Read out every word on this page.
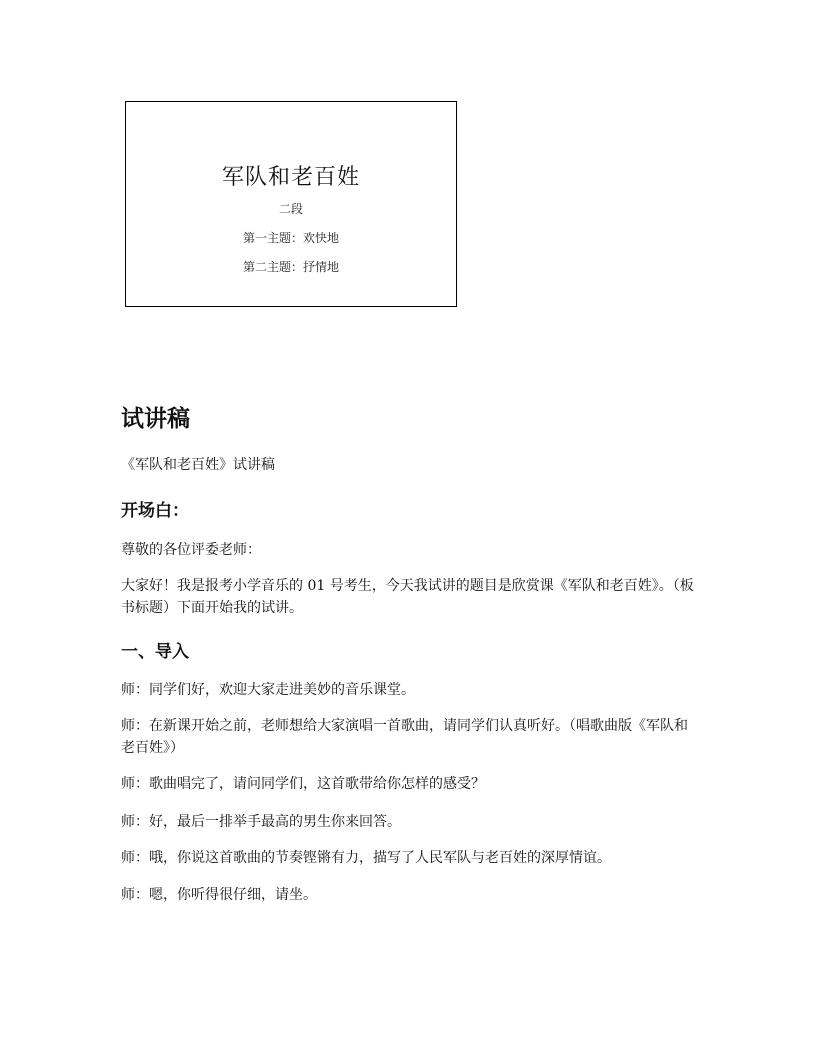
军队和老百姓
二段
第一主题：欢快地
第二主题：抒情地
试讲稿
《军队和老百姓》试讲稿
开场白：
尊敬的各位评委老师：
大家好！我是报考小学音乐的 01 号考生，今天我试讲的题目是欣赏课《军队和老百姓》。（板书标题）下面开始我的试讲。
一、导入
师：同学们好，欢迎大家走进美妙的音乐课堂。
师：在新课开始之前，老师想给大家演唱一首歌曲，请同学们认真听好。（唱歌曲版《军队和老百姓》）
师：歌曲唱完了，请问同学们，这首歌带给你怎样的感受？
师：好，最后一排举手最高的男生你来回答。
师：哦，你说这首歌曲的节奏铿锵有力，描写了人民军队与老百姓的深厚情谊。
师：嗯，你听得很仔细，请坐。
